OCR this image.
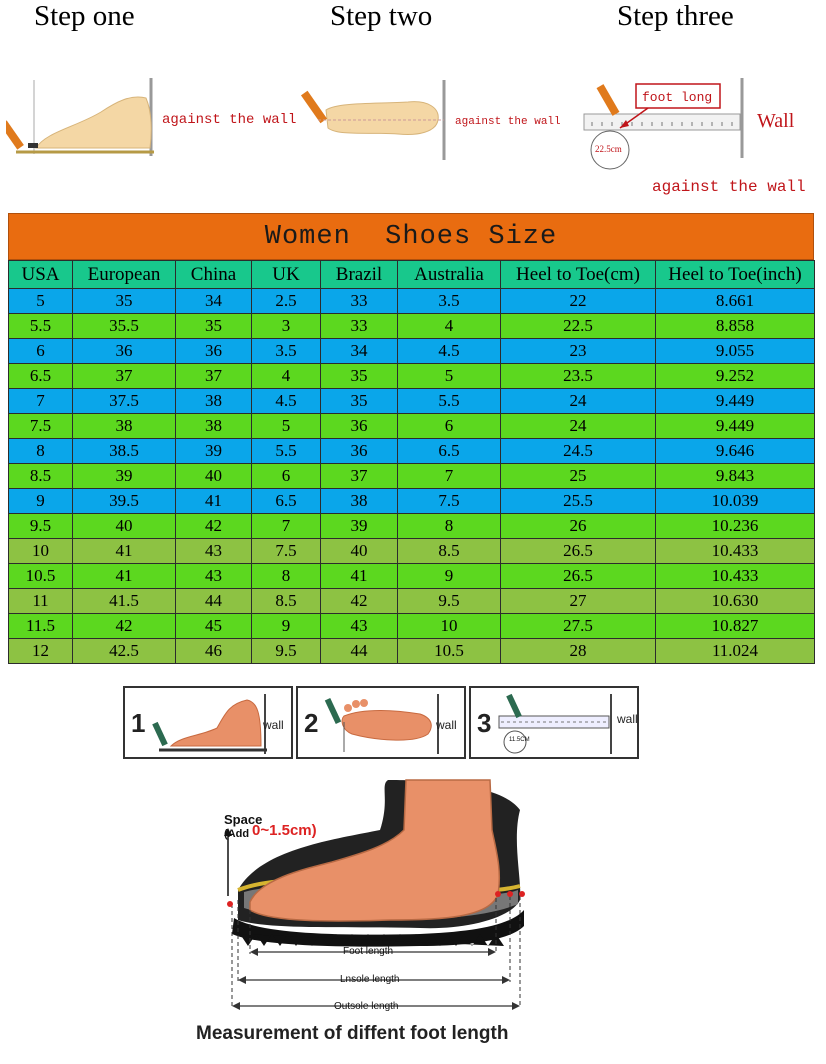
Step one	Step two	Step three
against the wall	against the wall
foot long
22.5cm
Wall
against the wall
Women  Shoes Size
USA	European	China	UK	Brazil	Australia	Heel to Toe(cm)	Heel to Toe(inch)
5	35	34	2.5	33	3.5	22	8.661
5.5	35.5	35	3	33	4	22.5	8.858
6	36	36	3.5	34	4.5	23	9.055
6.5	37	37	4	35	5	23.5	9.252
7	37.5	38	4.5	35	5.5	24	9.449
7.5	38	38	5	36	6	24	9.449
8	38.5	39	5.5	36	6.5	24.5	9.646
8.5	39	40	6	37	7	25	9.843
9	39.5	41	6.5	38	7.5	25.5	10.039
9.5	40	42	7	39	8	26	10.236
10	41	43	7.5	40	8.5	26.5	10.433
10.5	41	43	8	41	9	26.5	10.433
11	41.5	44	8.5	42	9.5	27	10.630
11.5	42	45	9	43	10	27.5	10.827
12	42.5	46	9.5	44	10.5	28	11.024
1	wall 2	wall 3
11.5CM
wall
Space
(Add 0~1.5cm)
Foot length
Lnsole length
Outsole length
Measurement of diffent foot length
